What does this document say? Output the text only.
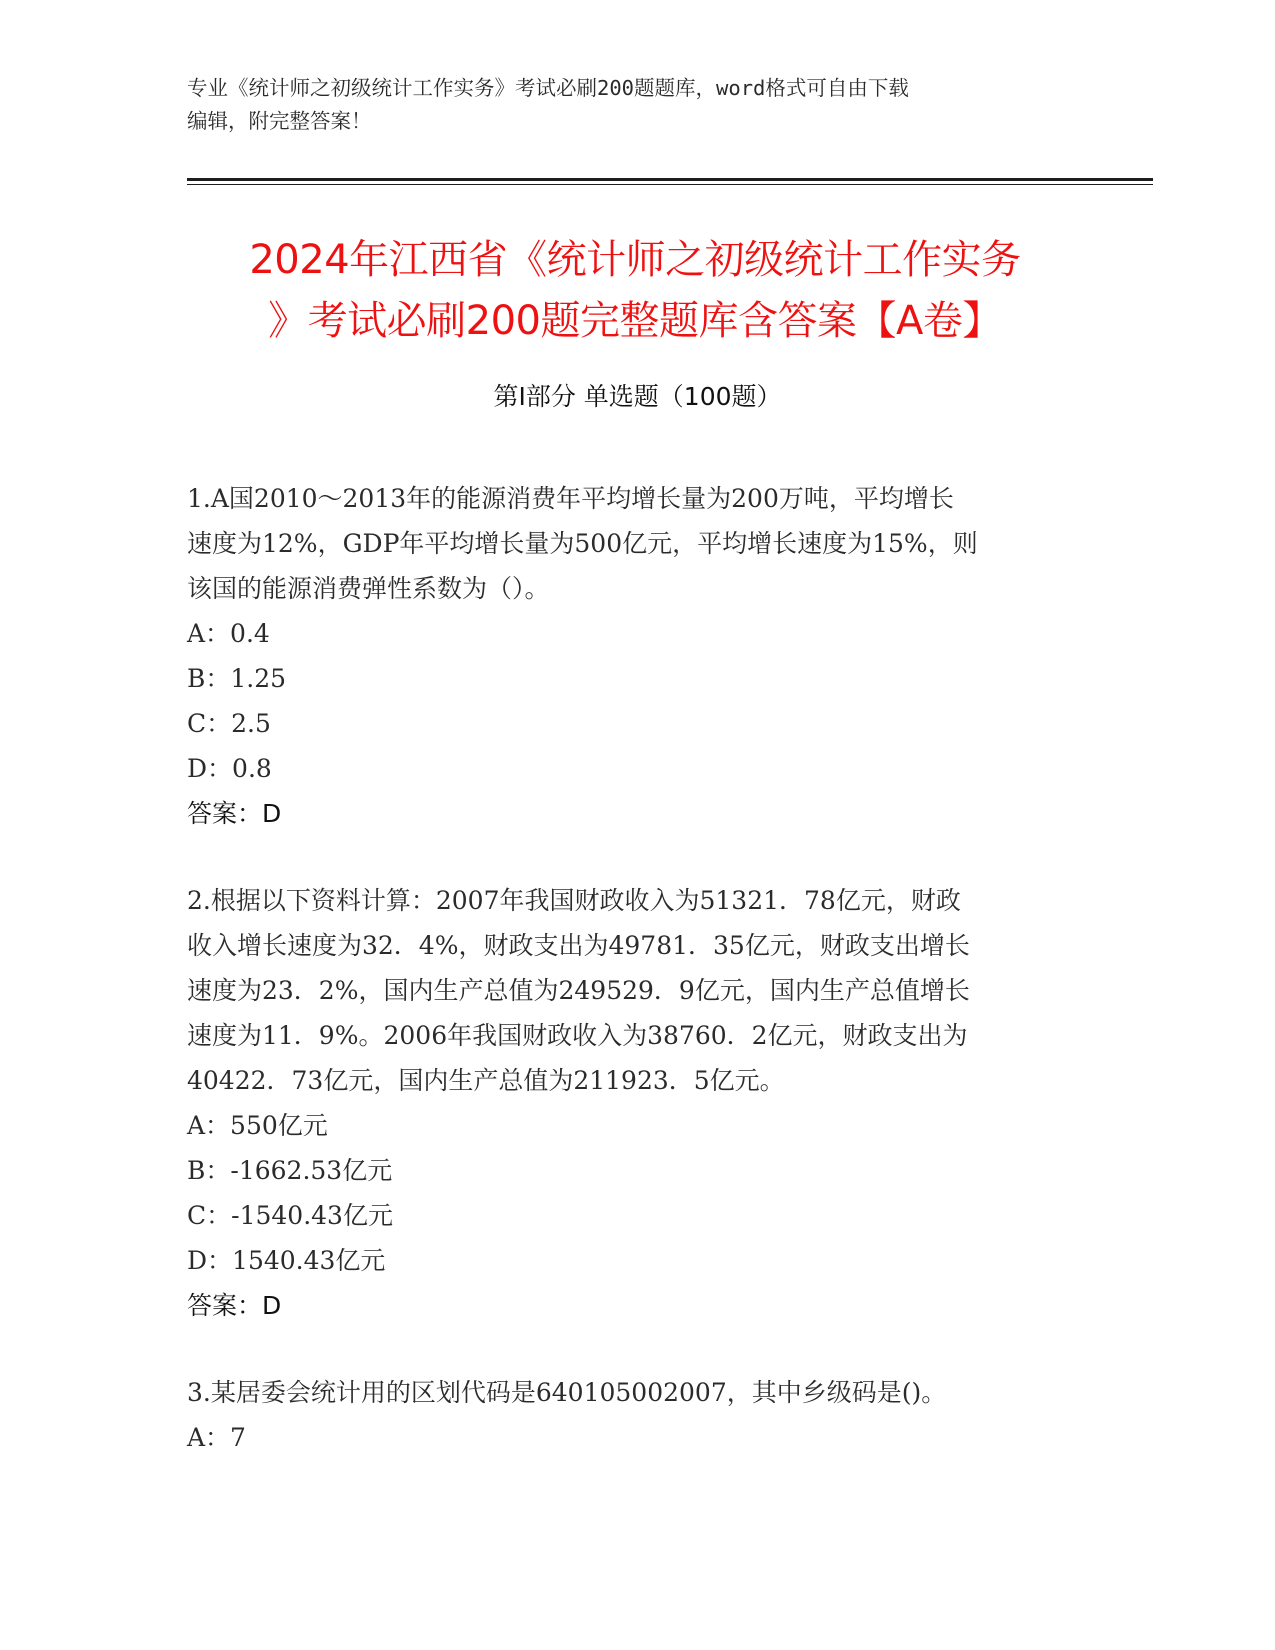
专业《统计师之初级统计工作实务》考试必刷200题题库，word格式可自由下载
编辑，附完整答案！
2024年江西省《统计师之初级统计工作实务
》考试必刷200题完整题库含答案【A卷】
第Ⅰ部分 单选题（100题）
1.A国2010～2013年的能源消费年平均增长量为200万吨，平均增长
速度为12%，GDP年平均增长量为500亿元，平均增长速度为15%，则
该国的能源消费弹性系数为（）。
A：0.4
B：1.25
C：2.5
D：0.8
答案：D
2.根据以下资料计算：2007年我国财政收入为51321．78亿元，财政
收入增长速度为32．4%，财政支出为49781．35亿元，财政支出增长
速度为23．2%，国内生产总值为249529．9亿元，国内生产总值增长
速度为11．9%。2006年我国财政收入为38760．2亿元，财政支出为
40422．73亿元，国内生产总值为211923．5亿元。
A：550亿元
B：-1662.53亿元
C：-1540.43亿元
D：1540.43亿元
答案：D
3.某居委会统计用的区划代码是640105002007，其中乡级码是()。
A：7
